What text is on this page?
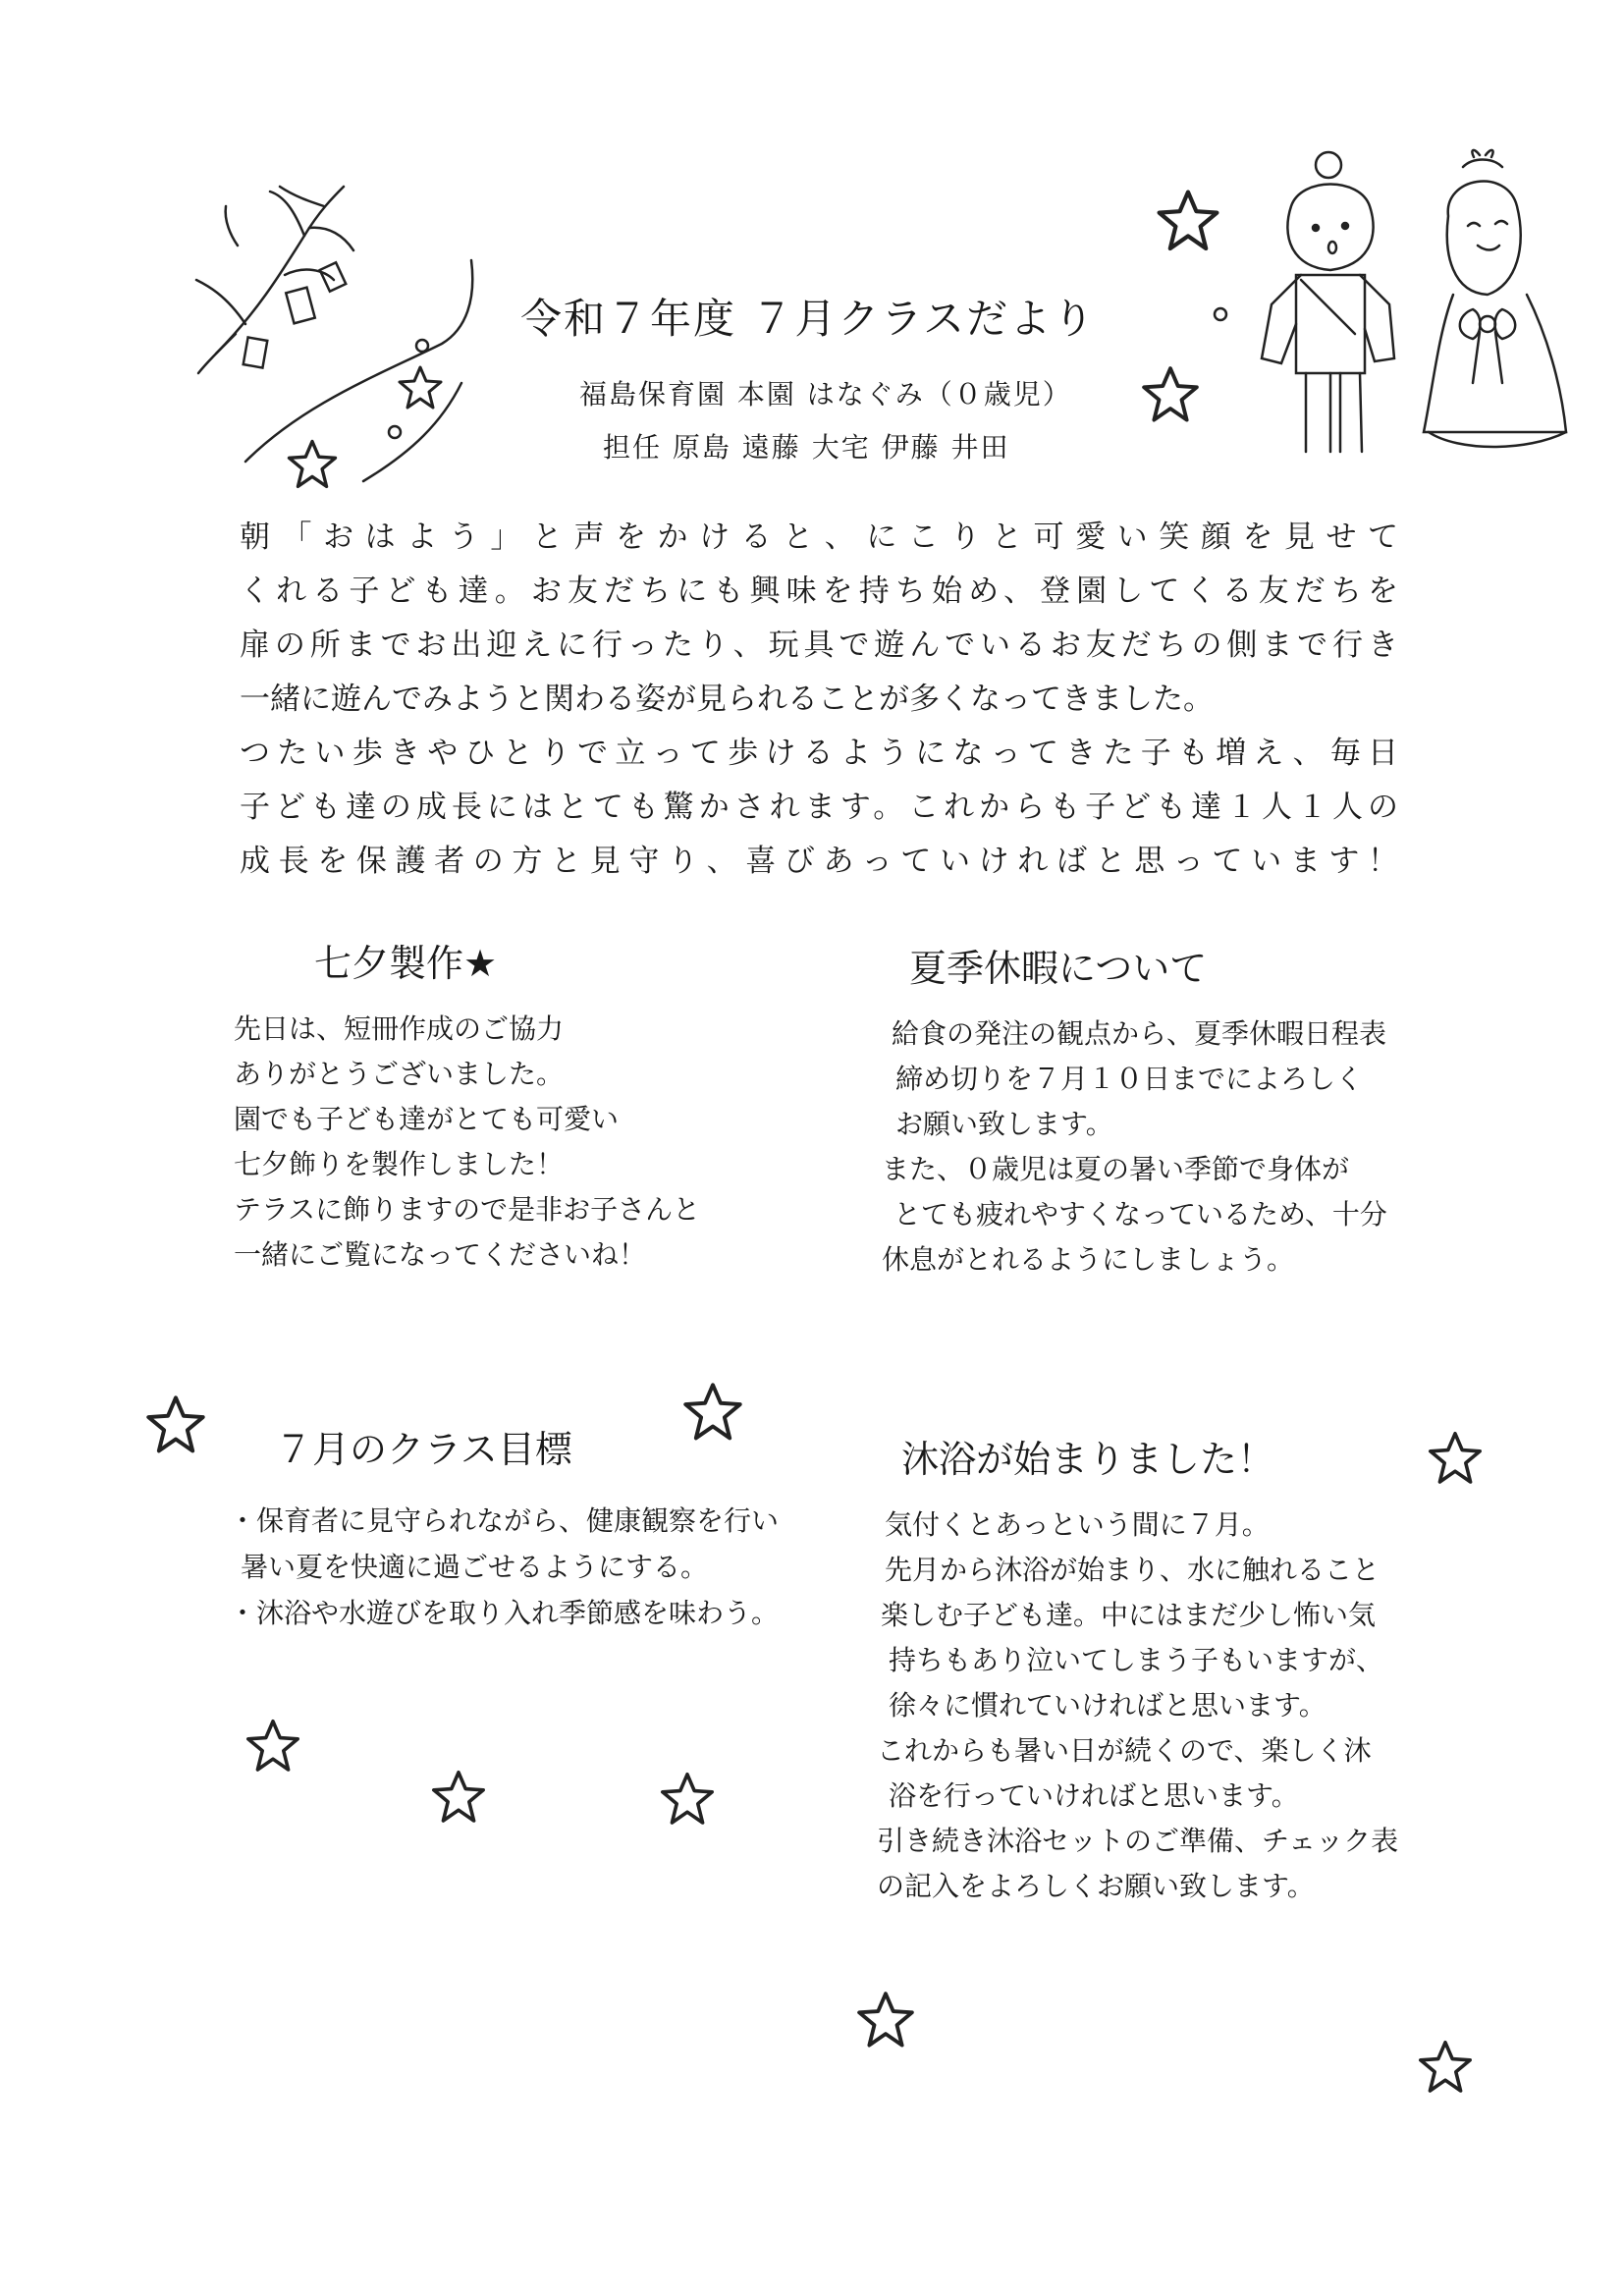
令和７年度 ７月クラスだより
福島保育園 本園 はなぐみ（０歳児）
担任 原島 遠藤 大宅 伊藤 井田
朝「おはよう」と声をかけると、にこりと可愛い笑顔を見せて
くれる子ども達。お友だちにも興味を持ち始め、登園してくる友だちを
扉の所までお出迎えに行ったり、玩具で遊んでいるお友だちの側まで行き
一緒に遊んでみようと関わる姿が見られることが多くなってきました。
つたい歩きやひとりで立って歩けるようになってきた子も増え、毎日
子ども達の成長にはとても驚かされます。これからも子ども達１人１人の
成長を保護者の方と見守り、喜びあっていければと思っています！
七夕製作★
先日は、短冊作成のご協力
ありがとうございました。
園でも子ども達がとても可愛い
七夕飾りを製作しました！
テラスに飾りますので是非お子さんと
一緒にご覧になってくださいね！
夏季休暇について
給食の発注の観点から、夏季休暇日程表
締め切りを７月１０日までによろしく
お願い致します。
また、０歳児は夏の暑い季節で身体が
とても疲れやすくなっているため、十分
休息がとれるようにしましょう。
７月のクラス目標
・保育者に見守られながら、健康観察を行い
暑い夏を快適に過ごせるようにする。
・沐浴や水遊びを取り入れ季節感を味わう。
沐浴が始まりました！
気付くとあっという間に７月。
先月から沐浴が始まり、水に触れること
楽しむ子ども達。中にはまだ少し怖い気
持ちもあり泣いてしまう子もいますが、
徐々に慣れていければと思います。
これからも暑い日が続くので、楽しく沐
浴を行っていければと思います。
引き続き沐浴セットのご準備、チェック表
の記入をよろしくお願い致します。
